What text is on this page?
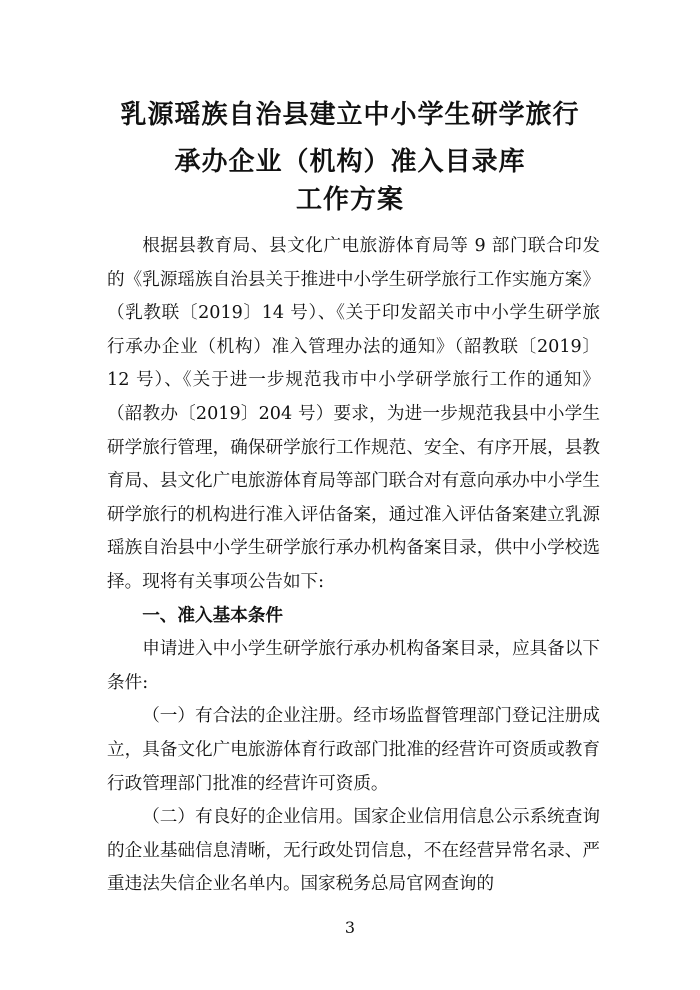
乳源瑶族自治县建立中小学生研学旅行
承办企业（机构）准入目录库
工作方案

根据县教育局、县文化广电旅游体育局等 9 部门联合印发的《乳源瑶族自治县关于推进中小学生研学旅行工作实施方案》（乳教联〔2019〕14 号）、《关于印发韶关市中小学生研学旅行承办企业（机构）准入管理办法的通知》（韶教联〔2019〕12 号）、《关于进一步规范我市中小学研学旅行工作的通知》（韶教办〔2019〕204 号）要求，为进一步规范我县中小学生研学旅行管理，确保研学旅行工作规范、安全、有序开展，县教育局、县文化广电旅游体育局等部门联合对有意向承办中小学生研学旅行的机构进行准入评估备案，通过准入评估备案建立乳源瑶族自治县中小学生研学旅行承办机构备案目录，供中小学校选择。现将有关事项公告如下:

一、准入基本条件

申请进入中小学生研学旅行承办机构备案目录，应具备以下条件:

（一）有合法的企业注册。经市场监督管理部门登记注册成立，具备文化广电旅游体育行政部门批准的经营许可资质或教育行政管理部门批准的经营许可资质。

（二）有良好的企业信用。国家企业信用信息公示系统查询的企业基础信息清晰，无行政处罚信息，不在经营异常名录、严重违法失信企业名单内。国家税务总局官网查询的

3
